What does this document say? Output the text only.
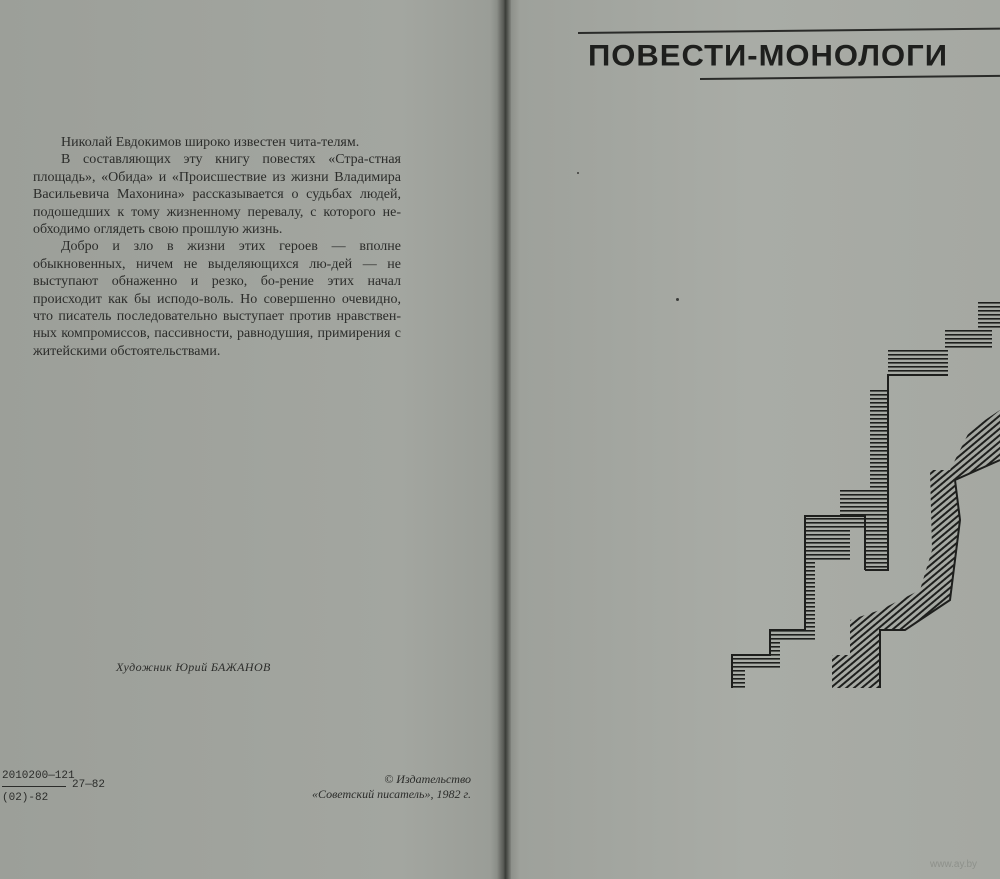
Николай Евдокимов широко известен чита-телям.

В составляющих эту книгу повестях «Стра-стная площадь», «Обида» и «Происшествие из жизни Владимира Васильевича Махонина» рассказывается о судьбах людей, подошедших к тому жизненному перевалу, с которого не-обходимо оглядеть свою прошлую жизнь.

Добро и зло в жизни этих героев — вполне обыкновенных, ничем не выделяющихся лю-дей — не выступают обнаженно и резко, бо-рение этих начал происходит как бы исподо-воль. Но совершенно очевидно, что писатель последовательно выступает против нравствен-ных компромиссов, пассивности, равнодушия, примирения с житейскими обстоятельствами.

Художник Юрий БАЖАНОВ
2010200—121
27—82
(02)-82
© Издательство
«Советский писатель», 1982 г.
ПОВЕСТИ-МОНОЛОГИ
www.ay.by
